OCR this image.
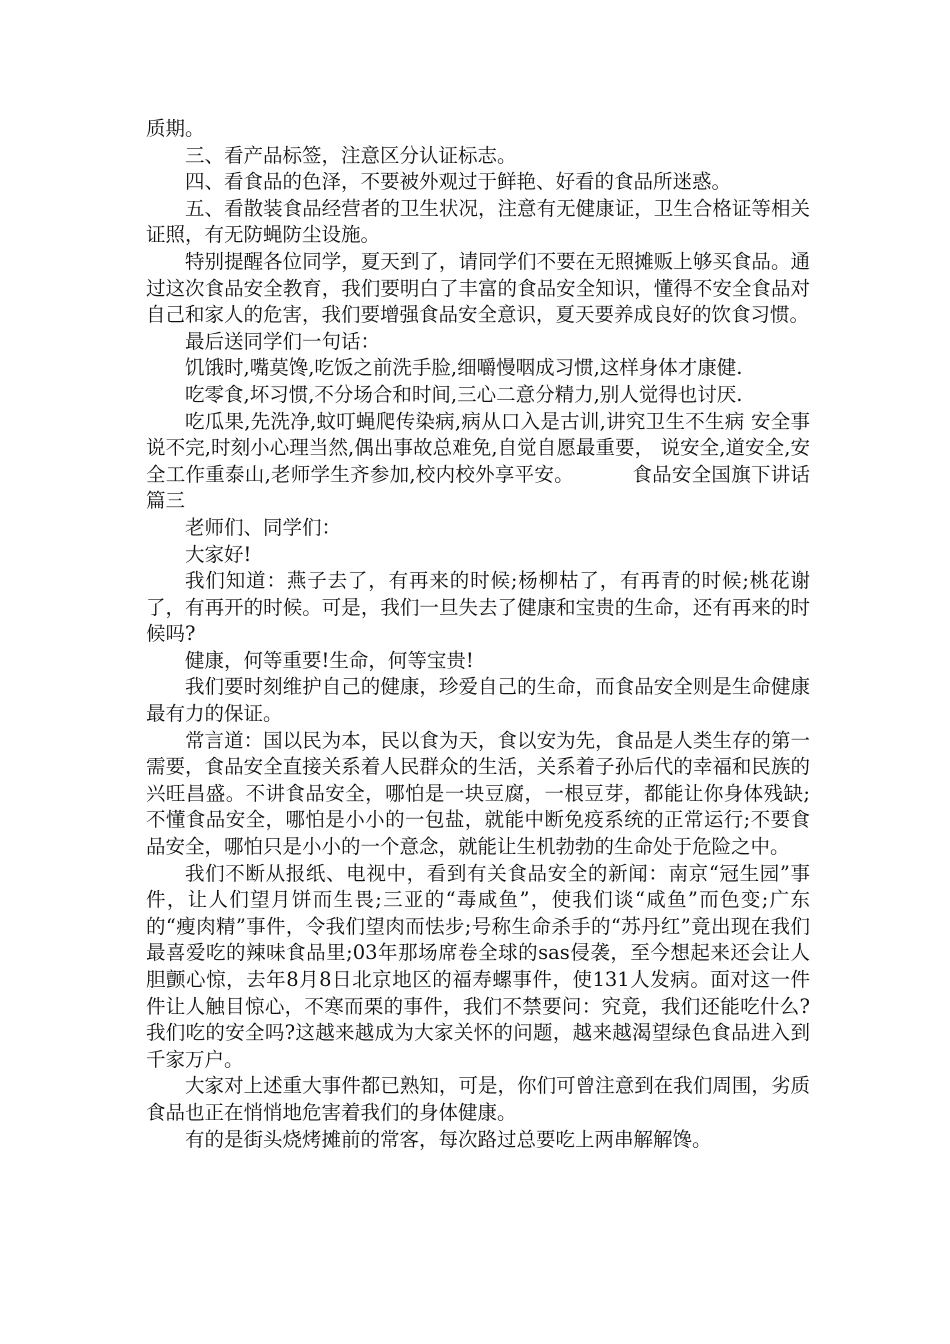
质期。

三、看产品标签，注意区分认证标志。

四、看食品的色泽，不要被外观过于鲜艳、好看的食品所迷惑。

五、看散装食品经营者的卫生状况，注意有无健康证，卫生合格证等相关证照，有无防蝇防尘设施。

特别提醒各位同学，夏天到了，请同学们不要在无照摊贩上够买食品。通过这次食品安全教育，我们要明白了丰富的食品安全知识，懂得不安全食品对自己和家人的危害，我们要增强食品安全意识，夏天要养成良好的饮食习惯。

最后送同学们一句话：

饥饿时,嘴莫馋,吃饭之前洗手脸,细嚼慢咽成习惯,这样身体才康健.

吃零食,坏习惯,不分场合和时间,三心二意分精力,别人觉得也讨厌.

吃瓜果,先洗净,蚊叮蝇爬传染病,病从口入是古训,讲究卫生不生病 安全事说不完,时刻小心理当然,偶出事故总难免,自觉自愿最重要， 说安全,道安全,安全工作重泰山,老师学生齐参加,校内校外享平安。	食品安全国旗下讲话篇三

老师们、同学们：

大家好!

我们知道：燕子去了，有再来的时候;杨柳枯了，有再青的时候;桃花谢了，有再开的时候。可是，我们一旦失去了健康和宝贵的生命，还有再来的时候吗?

健康，何等重要!生命，何等宝贵!

我们要时刻维护自己的健康，珍爱自己的生命，而食品安全则是生命健康最有力的保证。

常言道：国以民为本，民以食为天，食以安为先，食品是人类生存的第一需要，食品安全直接关系着人民群众的生活，关系着子孙后代的幸福和民族的兴旺昌盛。不讲食品安全，哪怕是一块豆腐，一根豆芽，都能让你身体残缺;不懂食品安全，哪怕是小小的一包盐，就能中断免疫系统的正常运行;不要食品安全，哪怕只是小小的一个意念，就能让生机勃勃的生命处于危险之中。

我们不断从报纸、电视中，看到有关食品安全的新闻：南京“冠生园”事件，让人们望月饼而生畏;三亚的“毒咸鱼”，使我们谈“咸鱼”而色变;广东的“瘦肉精”事件，令我们望肉而怯步;号称生命杀手的“苏丹红”竟出现在我们最喜爱吃的辣味食品里;03年那场席卷全球的sas侵袭，至今想起来还会让人胆颤心惊，去年8月8日北京地区的福寿螺事件，使131人发病。面对这一件件让人触目惊心，不寒而栗的事件，我们不禁要问：究竟，我们还能吃什么?我们吃的安全吗?这越来越成为大家关怀的问题，越来越渴望绿色食品进入到千家万户。

大家对上述重大事件都已熟知，可是，你们可曾注意到在我们周围，劣质食品也正在悄悄地危害着我们的身体健康。

有的是街头烧烤摊前的常客，每次路过总要吃上两串解解馋。
